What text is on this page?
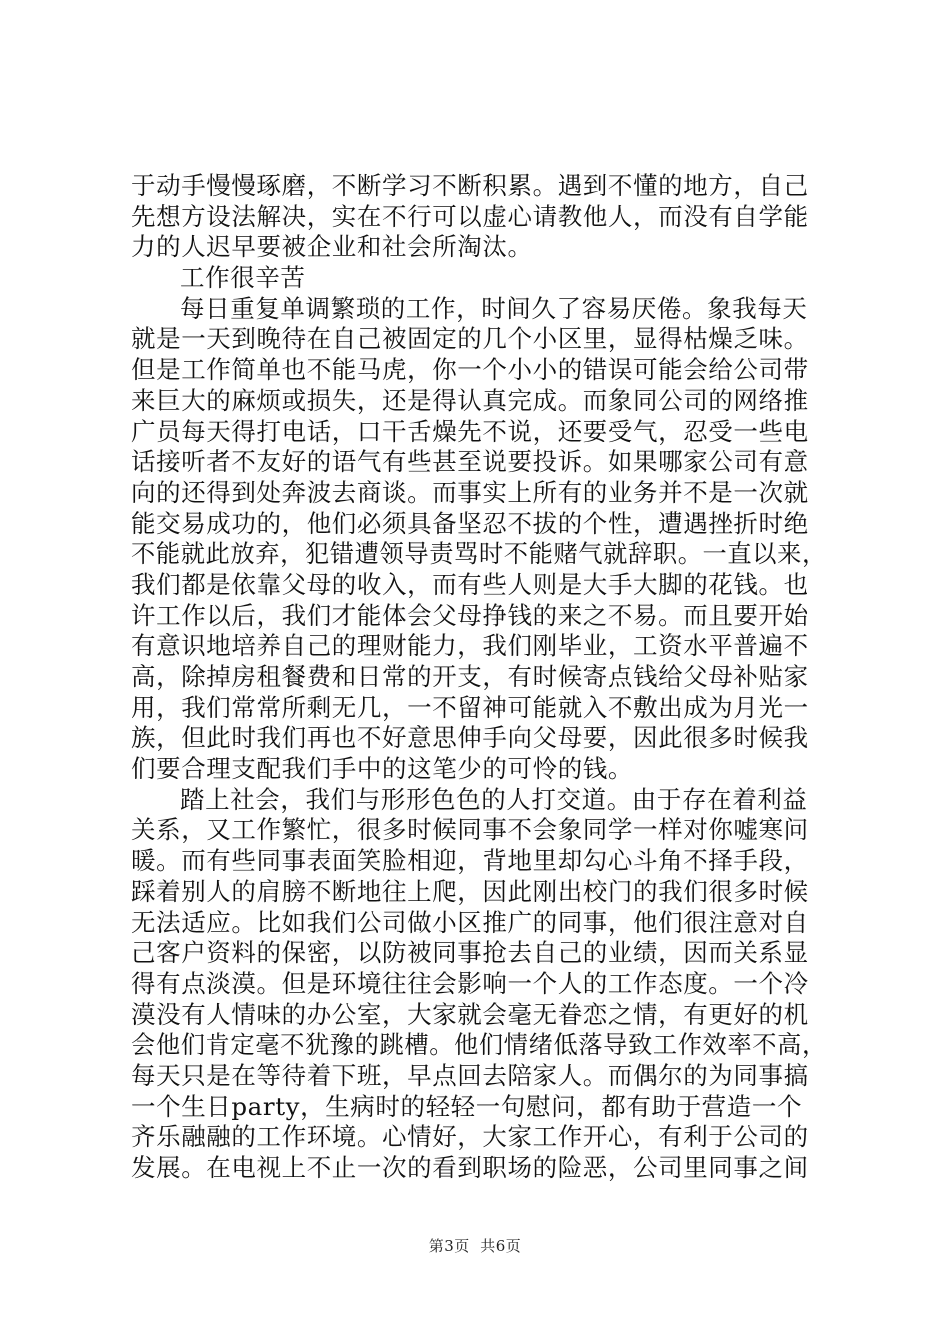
于动手慢慢琢磨，不断学习不断积累。遇到不懂的地方，自己
先想方设法解决，实在不行可以虚心请教他人，而没有自学能
力的人迟早要被企业和社会所淘汰。
工作很辛苦
每日重复单调繁琐的工作，时间久了容易厌倦。象我每天
就是一天到晚待在自己被固定的几个小区里，显得枯燥乏味。
但是工作简单也不能马虎，你一个小小的错误可能会给公司带
来巨大的麻烦或损失，还是得认真完成。而象同公司的网络推
广员每天得打电话，口干舌燥先不说，还要受气，忍受一些电
话接听者不友好的语气有些甚至说要投诉。如果哪家公司有意
向的还得到处奔波去商谈。而事实上所有的业务并不是一次就
能交易成功的，他们必须具备坚忍不拔的个性，遭遇挫折时绝
不能就此放弃，犯错遭领导责骂时不能赌气就辞职。一直以来，
我们都是依靠父母的收入，而有些人则是大手大脚的花钱。也
许工作以后，我们才能体会父母挣钱的来之不易。而且要开始
有意识地培养自己的理财能力，我们刚毕业，工资水平普遍不
高，除掉房租餐费和日常的开支，有时候寄点钱给父母补贴家
用，我们常常所剩无几，一不留神可能就入不敷出成为月光一
族，但此时我们再也不好意思伸手向父母要，因此很多时候我
们要合理支配我们手中的这笔少的可怜的钱。
踏上社会，我们与形形色色的人打交道。由于存在着利益
关系，又工作繁忙，很多时候同事不会象同学一样对你嘘寒问
暖。而有些同事表面笑脸相迎，背地里却勾心斗角不择手段，
踩着别人的肩膀不断地往上爬，因此刚出校门的我们很多时候
无法适应。比如我们公司做小区推广的同事，他们很注意对自
己客户资料的保密，以防被同事抢去自己的业绩，因而关系显
得有点淡漠。但是环境往往会影响一个人的工作态度。一个冷
漠没有人情味的办公室，大家就会毫无眷恋之情，有更好的机
会他们肯定毫不犹豫的跳槽。他们情绪低落导致工作效率不高，
每天只是在等待着下班，早点回去陪家人。而偶尔的为同事搞
一个生日party，生病时的轻轻一句慰问，都有助于营造一个
齐乐融融的工作环境。心情好，大家工作开心，有利于公司的
发展。在电视上不止一次的看到职场的险恶，公司里同事之间
第3页  共6页
